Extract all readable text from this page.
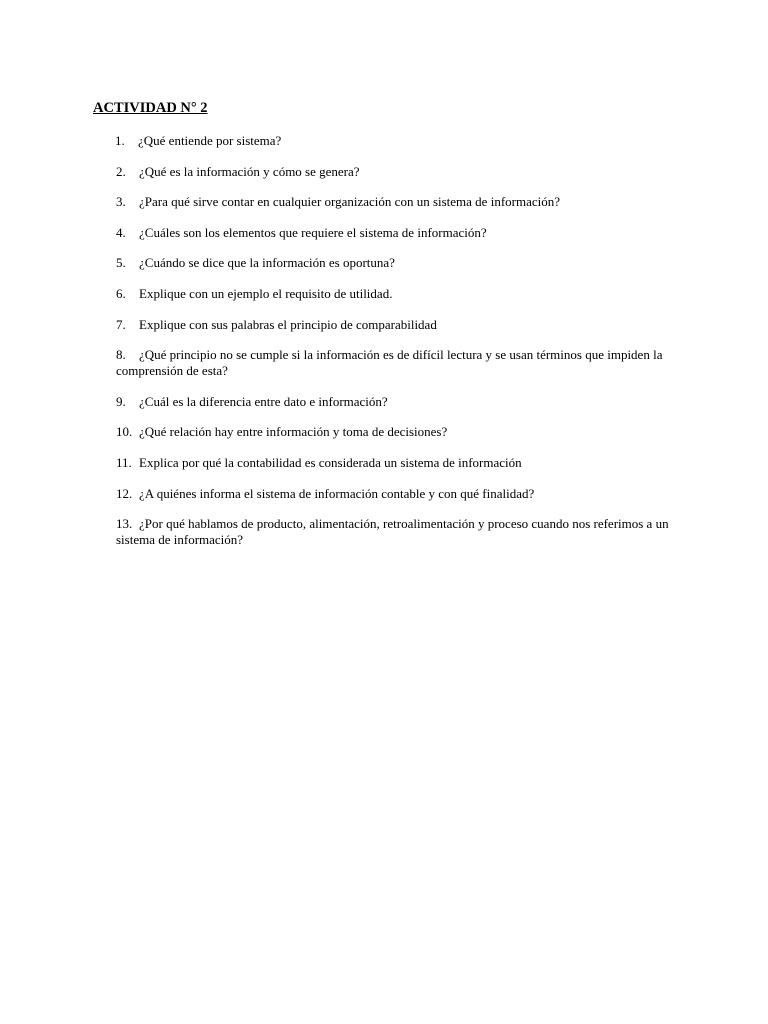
ACTIVIDAD N° 2
1. ¿Qué entiende por sistema?
2. ¿Qué es la información y cómo se genera?
3. ¿Para qué sirve contar en cualquier organización con un sistema de información?
4. ¿Cuáles son los elementos que requiere el sistema de información?
5. ¿Cuándo se dice que la información es oportuna?
6. Explique con un ejemplo el requisito de utilidad.
7. Explique con sus palabras el principio de comparabilidad
8. ¿Qué principio no se cumple si la información es de difícil lectura y se usan términos que impiden la comprensión de esta?
9. ¿Cuál es la diferencia entre dato e información?
10. ¿Qué relación hay entre información y toma de decisiones?
11. Explica por qué la contabilidad es considerada un sistema de información
12. ¿A quiénes informa el sistema de información contable y con qué finalidad?
13. ¿Por qué hablamos de producto, alimentación, retroalimentación y proceso cuando nos referimos a un sistema de información?
